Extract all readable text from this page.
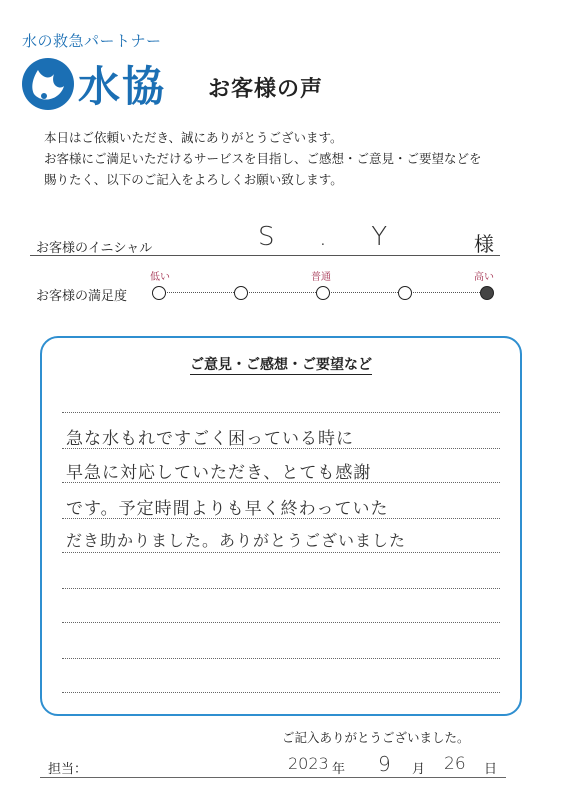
水の救急パートナー
水協 お客様の声
本日はご依頼いただき、誠にありがとうございます。
お客様にご満足いただけるサービスを目指し、ご感想・ご意見・ご要望などを
賜りたく、以下のご記入をよろしくお願い致します。
お客様のイニシャル	S . Y	様
低い	普通	高い
お客様の満足度
ご意見・ご感想・ご要望など
急な水もれですごく困っている時に
早急に対応していただき、とても感謝
です。予定時間よりも早く終わっていた
だき助かりました。ありがとうございました
ご記入ありがとうございました。
担当：	2023 年 9 月 26 日
